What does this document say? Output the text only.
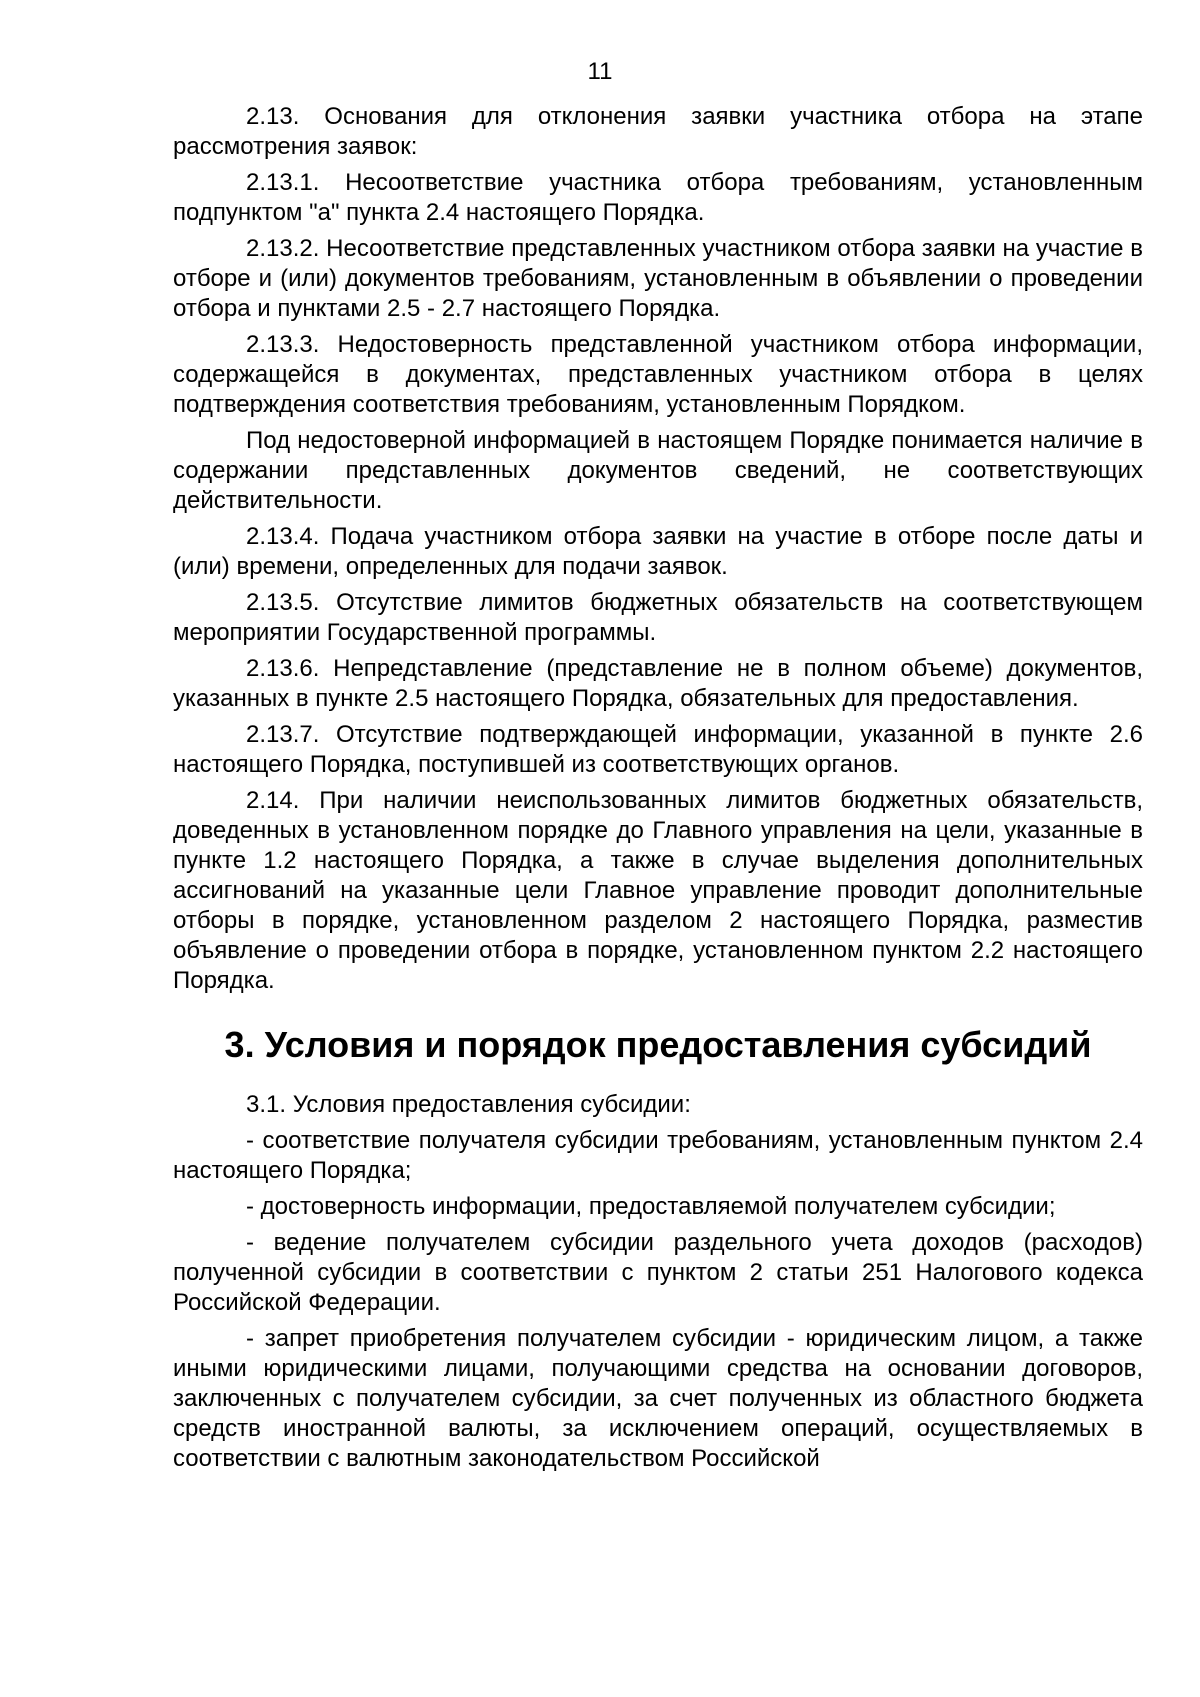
11

2.13. Основания для отклонения заявки участника отбора на этапе рассмотрения заявок:

2.13.1. Несоответствие участника отбора требованиям, установленным подпунктом "а" пункта 2.4 настоящего Порядка.

2.13.2. Несоответствие представленных участником отбора заявки на участие в отборе и (или) документов требованиям, установленным в объявлении о проведении отбора и пунктами 2.5 - 2.7 настоящего Порядка.

2.13.3. Недостоверность представленной участником отбора информации, содержащейся в документах, представленных участником отбора в целях подтверждения соответствия требованиям, установленным Порядком.

Под недостоверной информацией в настоящем Порядке понимается наличие в содержании представленных документов сведений, не соответствующих действительности.

2.13.4. Подача участником отбора заявки на участие в отборе после даты и (или) времени, определенных для подачи заявок.

2.13.5. Отсутствие лимитов бюджетных обязательств на соответствующем мероприятии Государственной программы.

2.13.6. Непредставление (представление не в полном объеме) документов, указанных в пункте 2.5 настоящего Порядка, обязательных для предоставления.

2.13.7. Отсутствие подтверждающей информации, указанной в пункте 2.6 настоящего Порядка, поступившей из соответствующих органов.

2.14. При наличии неиспользованных лимитов бюджетных обязательств, доведенных в установленном порядке до Главного управления на цели, указанные в пункте 1.2 настоящего Порядка, а также в случае выделения дополнительных ассигнований на указанные цели Главное управление проводит дополнительные отборы в порядке, установленном разделом 2 настоящего Порядка, разместив объявление о проведении отбора в порядке, установленном пунктом 2.2 настоящего Порядка.

3. Условия и порядок предоставления субсидий

3.1. Условия предоставления субсидии:

- соответствие получателя субсидии требованиям, установленным пунктом 2.4 настоящего Порядка;

- достоверность информации, предоставляемой получателем субсидии;

- ведение получателем субсидии раздельного учета доходов (расходов) полученной субсидии в соответствии с пунктом 2 статьи 251 Налогового кодекса Российской Федерации.

- запрет приобретения получателем субсидии - юридическим лицом, а также иными юридическими лицами, получающими средства на основании договоров, заключенных с получателем субсидии, за счет полученных из областного бюджета средств иностранной валюты, за исключением операций, осуществляемых в соответствии с валютным законодательством Российской
